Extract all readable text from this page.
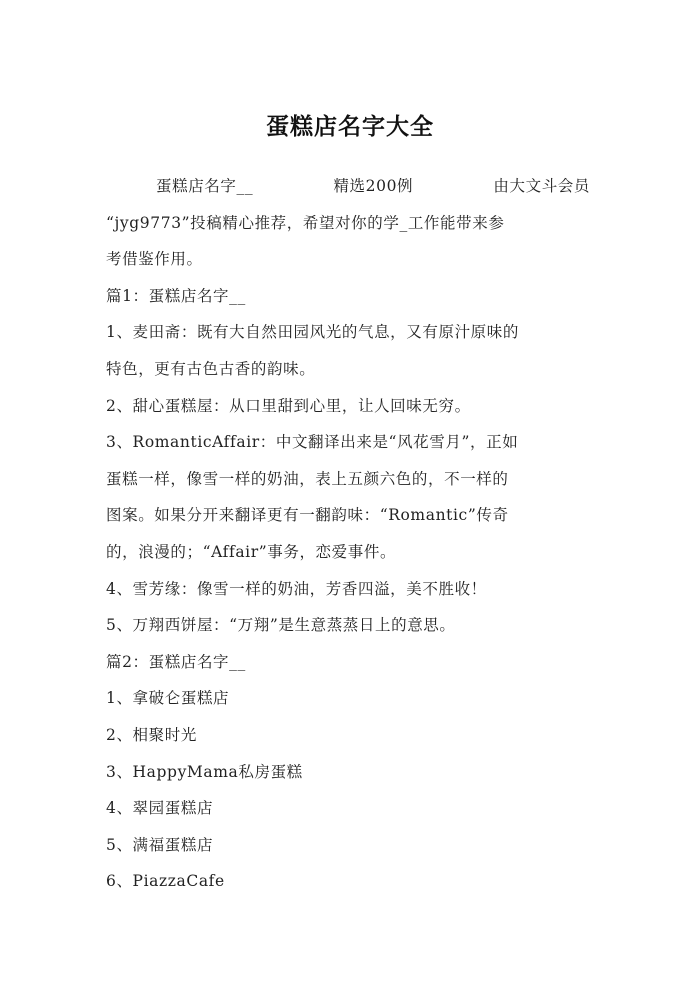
蛋糕店名字大全
蛋糕店名字__	精选200例	由大文斗会员
“jyg9773”投稿精心推荐，希望对你的学_工作能带来参
考借鉴作用。
篇1：蛋糕店名字__
1、麦田斋：既有大自然田园风光的气息，又有原汁原味的
特色，更有古色古香的韵味。
2、甜心蛋糕屋：从口里甜到心里，让人回味无穷。
3、RomanticAffair：中文翻译出来是“风花雪月”，正如
蛋糕一样，像雪一样的奶油，表上五颜六色的，不一样的
图案。如果分开来翻译更有一翻韵味：“Romantic”传奇
的，浪漫的；“Affair”事务，恋爱事件。
4、雪芳缘：像雪一样的奶油，芳香四溢，美不胜收！
5、万翔西饼屋：“万翔”是生意蒸蒸日上的意思。
篇2：蛋糕店名字__
1、拿破仑蛋糕店
2、相聚时光
3、HappyMama私房蛋糕
4、翠园蛋糕店
5、满福蛋糕店
6、PiazzaCafe
